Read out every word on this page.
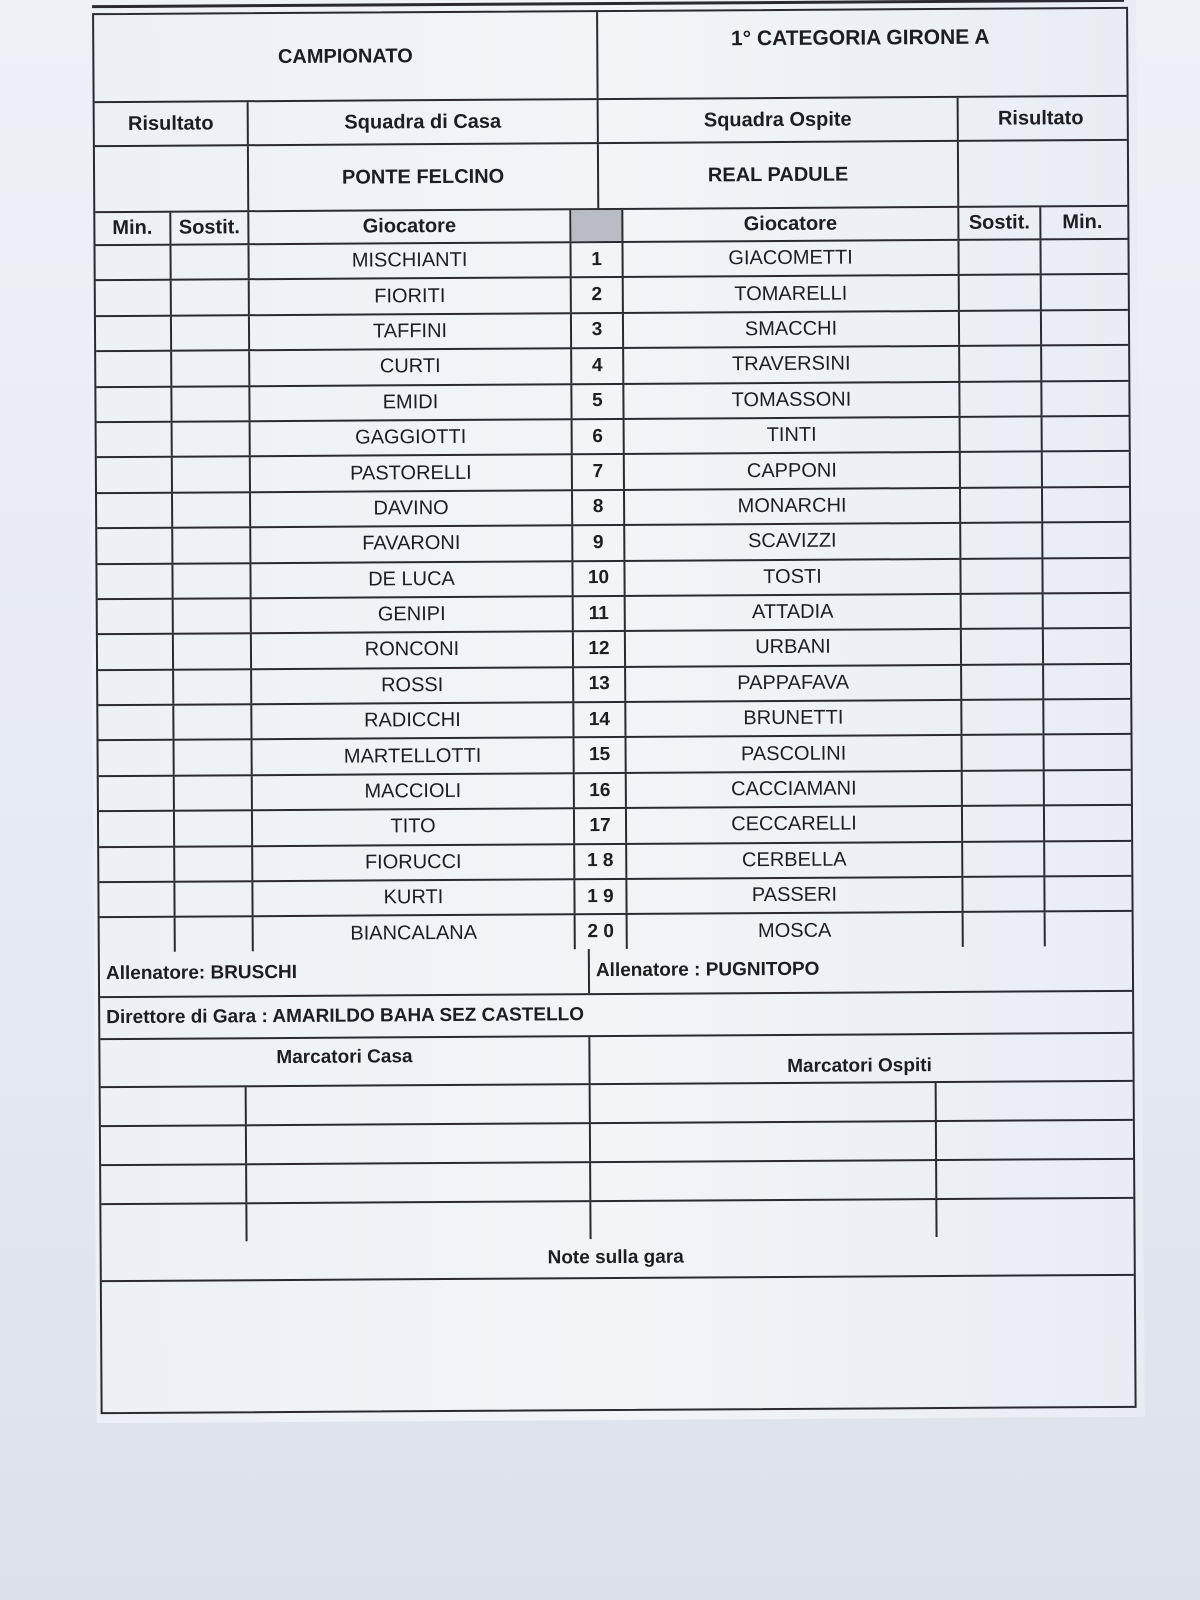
CAMPIONATO
1° CATEGORIA GIRONE A
Risultato	Squadra di Casa	Squadra Ospite	Risultato
PONTE FELCINO	REAL PADULE
Min.	Sostit.	Giocatore	Giocatore	Sostit.	Min.
MISCHIANTI	1	GIACOMETTI
FIORITI	2	TOMARELLI
TAFFINI	3	SMACCHI
CURTI	4	TRAVERSINI
EMIDI	5	TOMASSONI
GAGGIOTTI	6	TINTI
PASTORELLI	7	CAPPONI
DAVINO	8	MONARCHI
FAVARONI	9	SCAVIZZI
DE LUCA	10	TOSTI
GENIPI	11	ATTADIA
RONCONI	12	URBANI
ROSSI	13	PAPPAFAVA
RADICCHI	14	BRUNETTI
MARTELLOTTI	15	PASCOLINI
MACCIOLI	16	CACCIAMANI
TITO	17	CECCARELLI
FIORUCCI	1 8	CERBELLA
KURTI	1 9	PASSERI
BIANCALANA	2 0	MOSCA
Allenatore: BRUSCHI	Allenatore : PUGNITOPO
Direttore di Gara : AMARILDO BAHA SEZ CASTELLO
Marcatori Casa	Marcatori Ospiti
Note sulla gara
